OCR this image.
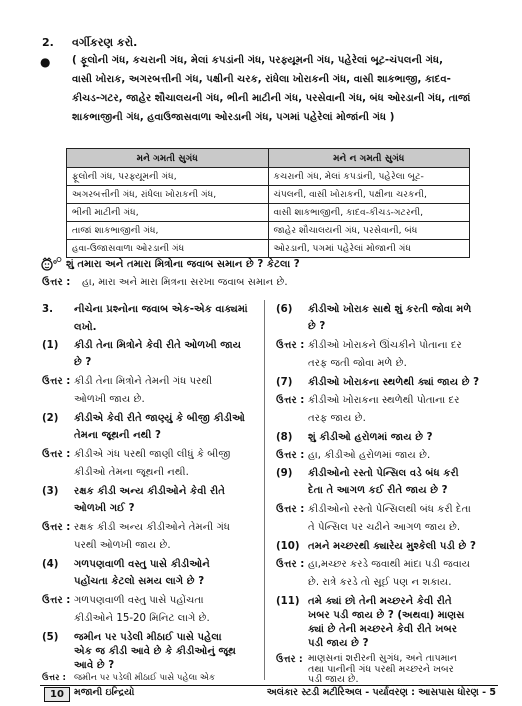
2. વર્ગીકરણ કરો.
● ( ફૂલોની ગંધ, કચરાની ગંધ, મેલાં કપડાંની ગંધ, પરફ્યૂમની ગંધ, પહેરેલાં બૂટ-ચંપલની ગંધ,
વાસી ખોરાક, અગરબત્તીની ગંધ, પક્ષીની ચરક, રાંધેલા ખોરાકની ગંધ, વાસી શાકભાજી, કાદવ-
કીચડ-ગટર, જાહેર શૌચાલયની ગંધ, ભીની માટીની ગંધ, પરસેવાની ગંધ, બંધ ઓરડાની ગંધ, તાજાં
શાકભાજીની ગંધ, હવાઉજાસવાળા ઓરડાની ગંધ, પગમાં પહેરેલાં મોજાંની ગંધ )
મને ગમતી સુગંધ	મને ન ગમતી સુગંધ
ફૂલોની ગંધ, પરફ્યૂમની ગંધ,	કચરાની ગંધ, મેલાં કપડાંની, પહેરેલા બૂટ-
અગરબત્તીની ગંધ, રાંધેલા ખોરાકની ગંધ,	ચંપલની, વાસી ખોરાકની, પક્ષીના ચરકની,
ભીની માટીની ગંધ,	વાસી શાકભાજીની, કાદવ-કીચડ-ગટરની,
તાજાં શાકભાજીની ગંધ,	જાહેર શૌચાલયની ગંધ, પરસેવાની, બંધ
હવા-ઉજાસવાળા ઓરડાની ગંધ	ઓરડાની, પગમાં પહેરેલાં મોજાની ગંધ
શું તમારા અને તમારા મિત્રોના જવાબ સમાન છે ? કેટલા ?
ઉત્તર : હા, મારા અને મારા મિત્રના સરખા જવાબ સમાન છે.
3. નીચેના પ્રશ્નોના જવાબ એક-એક વાક્યમાં
લખો.
(1) કીડી તેના મિત્રોને કેવી રીતે ઓળખી જાય
છે ?
ઉત્તર : કીડી તેના મિત્રોને તેમની ગંધ પરથી
ઓળખી જાય છે.
(2) કીડીએ કેવી રીતે જાણ્યું કે બીજી કીડીઓ
તેમના જૂથની નથી ?
ઉત્તર : કીડીએ ગંધ પરથી જાણી લીધું કે બીજી
કીડીઓ તેમના જૂથની નથી.
(3) રક્ષક કીડી અન્ય કીડીઓને કેવી રીતે
ઓળખી ગઈ ?
ઉત્તર : રક્ષક કીડી અન્ય કીડીઓને તેમની ગંધ
પરથી ઓળખી જાય છે.
(4) ગળપણવાળી વસ્તુ પાસે કીડીઓને
પહોંચતા કેટલો સમય લાગે છે ?
ઉત્તર : ગળપણવાળી વસ્તુ પાસે પહોંચતા
કીડીઓને 15-20 મિનિટ લાગે છે.
(5) જમીન પર પડેલી મીઠાઈ પાસે પહેલા
એક જ કીડી આવે છે કે કીડીઓનું જૂથ
આવે છે ?
(6) કીડીઓ ખોરાક સાથે શું કરતી જોવા મળે
છે ?
ઉત્તર : કીડીઓ ખોરાકને ઊંચકીને પોતાના દર
તરફ જતી જોવા મળે છે.
(7) કીડીઓ ખોરાકના સ્થળેથી ક્યાં જાય છે ?
ઉત્તર : કીડીઓ ખોરાકના સ્થળેથી પોતાના દર
તરફ જાય છે.
(8) શું કીડીઓ હરોળમાં જાય છે ?
ઉત્તર : હા, કીડીઓ હરોળમાં જાય છે.
(9) કીડીઓનો રસ્તો પેન્સિલ વડે બંધ કરી
દેતા તે આગળ કઈ રીતે જાય છે ?
ઉત્તર : કીડીઓનો રસ્તો પેન્સિલથી બંધ કરી દેતા
તે પેન્સિલ પર ચઢીને આગળ જાય છે.
(10) તમને મચ્છરથી ક્યારેય મુશ્કેલી પડી છે ?
ઉત્તર : હા,મચ્છર કરડે જવાથી માંદા પડી જવાય
છે. રાત્રે કરડે તો સૂઈ પણ ન શકાય.
(11) તમે ક્યાં છો તેની મચ્છરને કેવી રીતે
ખબર પડી જાય છે ? (અથવા) માણસ
ક્યાં છે તેની મચ્છરને કેવી રીતે ખબર
પડી જાય છે ?
ઉત્તર : માણસનાં શરીરની સુગંધ, અને તાપમાન
તથા પાનીની ગંધ પરથી મચ્છરને ખબર
પડી જાય છે.
10	મજાની ઇન્દ્રિયો	અલંકાર સ્ટડી મટીરિઅલ - પર્યાવરણ : આસપાસ ધોરણ - 5
ઉત્તર : જમીન પર પડેલી મીઠાઈ પાસે પહેલા એક
